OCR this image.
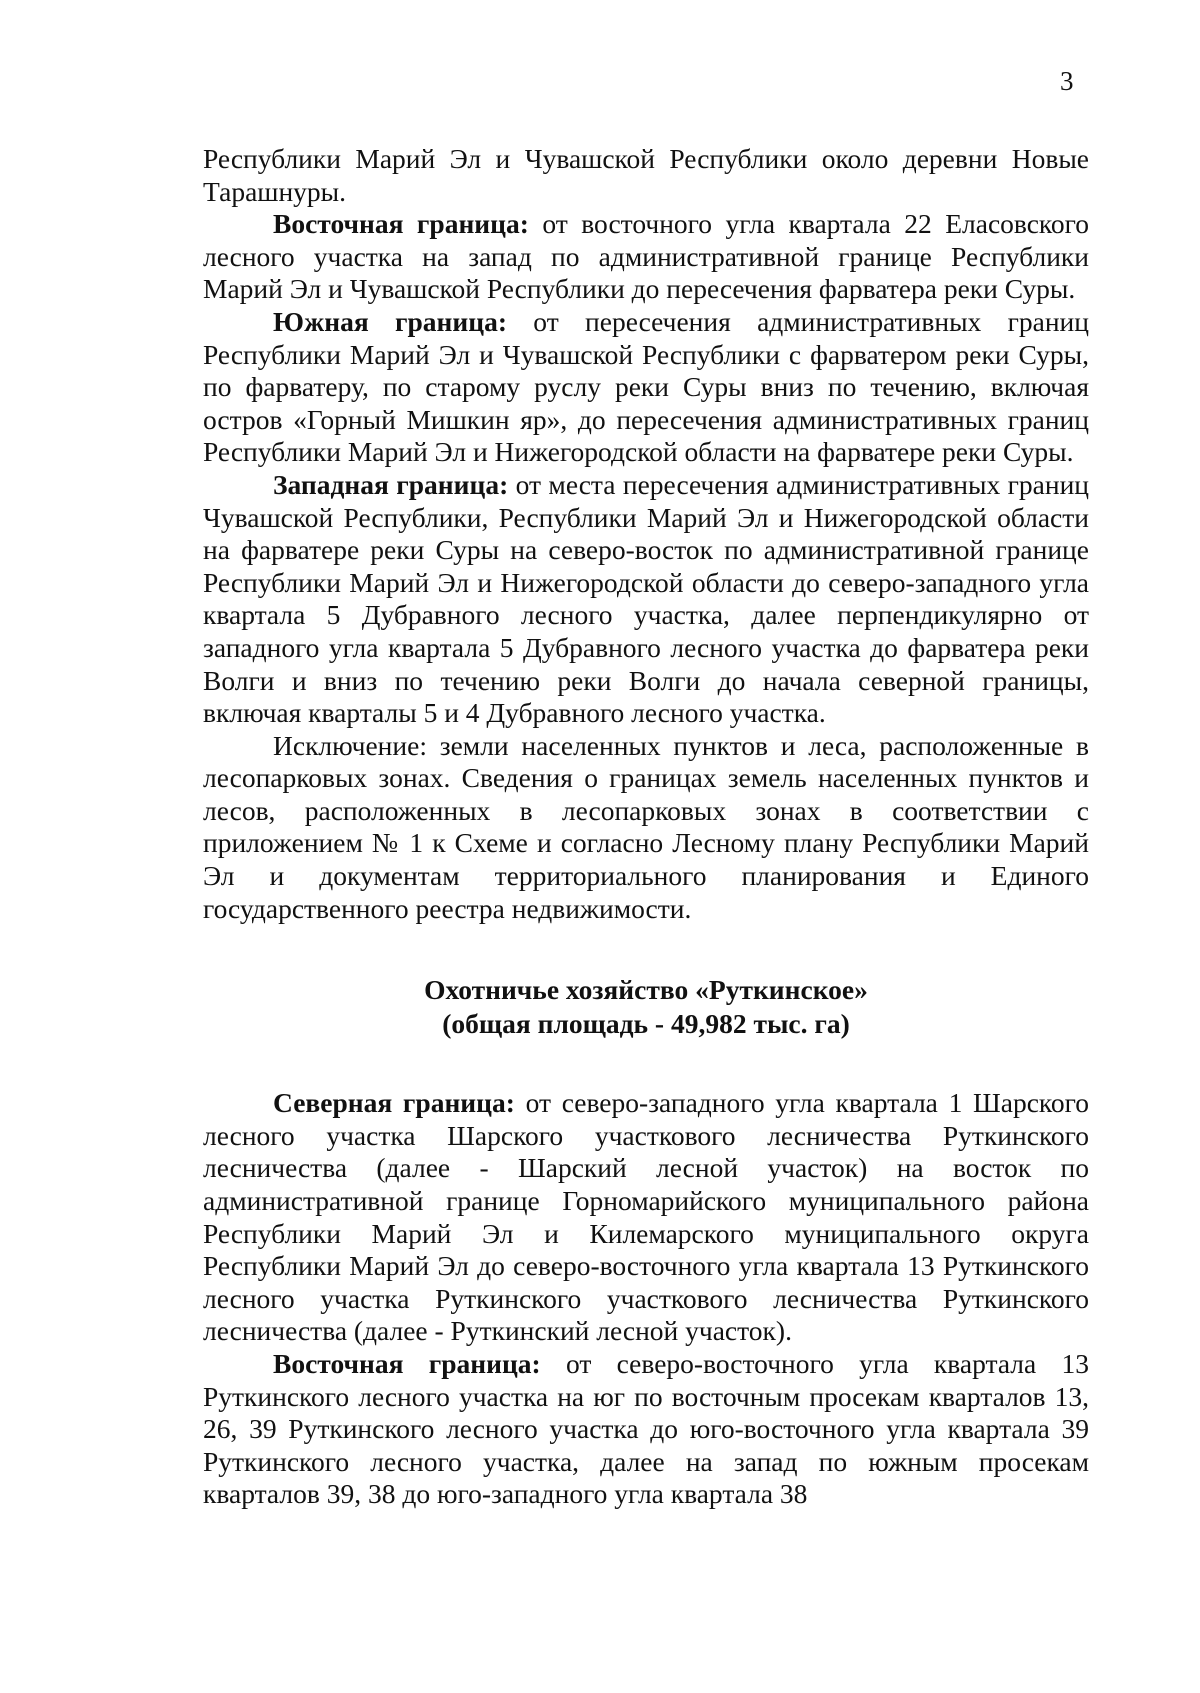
3

Республики Марий Эл и Чувашской Республики около деревни Новые Тарашнуры.

Восточная граница: от восточного угла квартала 22 Еласовского лесного участка на запад по административной границе Республики Марий Эл и Чувашской Республики до пересечения фарватера реки Суры.

Южная граница: от пересечения административных границ Республики Марий Эл и Чувашской Республики с фарватером реки Суры, по фарватеру, по старому руслу реки Суры вниз по течению, включая остров «Горный Мишкин яр», до пересечения административных границ Республики Марий Эл и Нижегородской области на фарватере реки Суры.

Западная граница: от места пересечения административных границ Чувашской Республики, Республики Марий Эл и Нижегородской области на фарватере реки Суры на северо-восток по административной границе Республики Марий Эл и Нижегородской области до северо-западного угла квартала 5 Дубравного лесного участка, далее перпендикулярно от западного угла квартала 5 Дубравного лесного участка до фарватера реки Волги и вниз по течению реки Волги до начала северной границы, включая кварталы 5 и 4 Дубравного лесного участка.

Исключение: земли населенных пунктов и леса, расположенные в лесопарковых зонах. Сведения о границах земель населенных пунктов и лесов, расположенных в лесопарковых зонах в соответствии с приложением № 1 к Схеме и согласно Лесному плану Республики Марий Эл и документам территориального планирования и Единого государственного реестра недвижимости.

Охотничье хозяйство «Руткинское»
(общая площадь - 49,982 тыс. га)

Северная граница: от северо-западного угла квартала 1 Шарского лесного участка Шарского участкового лесничества Руткинского лесничества (далее - Шарский лесной участок) на восток по административной границе Горномарийского муниципального района Республики Марий Эл и Килемарского муниципального округа Республики Марий Эл до северо-восточного угла квартала 13 Руткинского лесного участка Руткинского участкового лесничества Руткинского лесничества (далее - Руткинский лесной участок).

Восточная граница: от северо-восточного угла квартала 13 Руткинского лесного участка на юг по восточным просекам кварталов 13, 26, 39 Руткинского лесного участка до юго-восточного угла квартала 39 Руткинского лесного участка, далее на запад по южным просекам кварталов 39, 38 до юго-западного угла квартала 38
